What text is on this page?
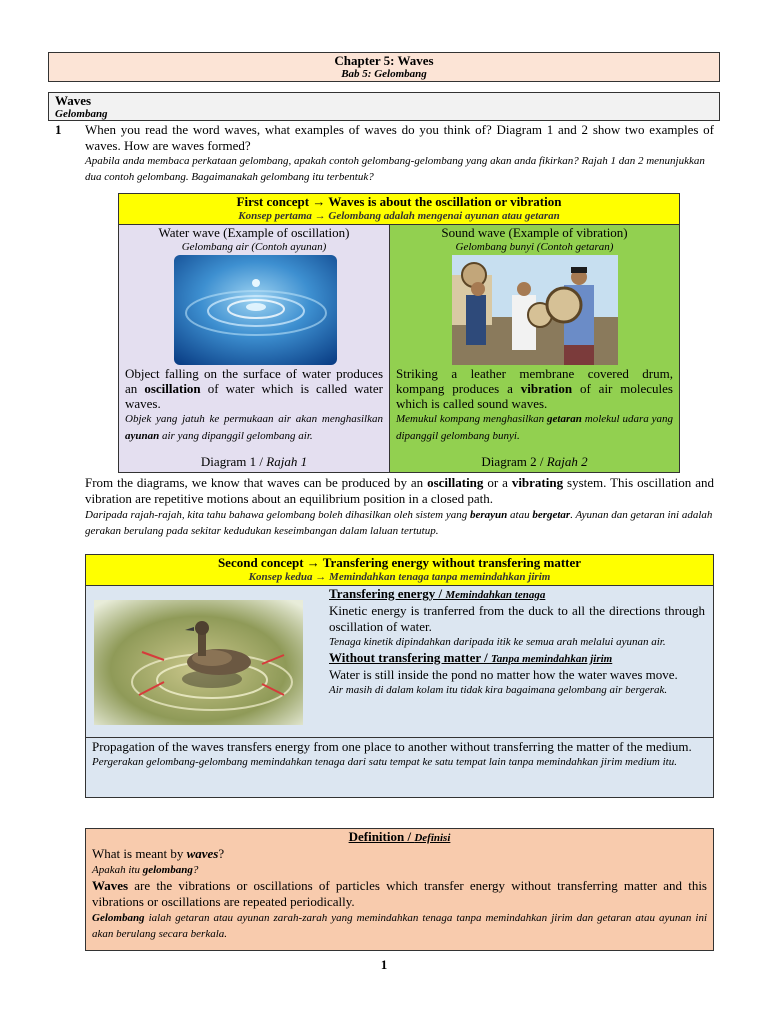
Chapter 5: Waves
Bab 5: Gelombang
Waves
Gelombang
1 When you read the word waves, what examples of waves do you think of? Diagram 1 and 2 show two examples of waves. How are waves formed?
Apabila anda membaca perkataan gelombang, apakah contoh gelombang-gelombang yang akan anda fikirkan? Rajah 1 dan 2 menunjukkan dua contoh gelombang. Bagaimanakah gelombang itu terbentuk?
First concept → Waves is about the oscillation or vibration
Konsep pertama → Gelombang adalah mengenai ayunan atau getaran
Water wave (Example of oscillation)
Gelombang air (Contoh ayunan)
Object falling on the surface of water produces an oscillation of water which is called water waves.
Objek yang jatuh ke permukaan air akan menghasilkan ayunan air yang dipanggil gelombang air.
Diagram 1 / Rajah 1
Sound wave (Example of vibration)
Gelombang bunyi (Contoh getaran)
Striking a leather membrane covered drum, kompang produces a vibration of air molecules which is called sound waves.
Memukul kompang menghasilkan getaran molekul udara yang dipanggil gelombang bunyi.
Diagram 2 / Rajah 2
From the diagrams, we know that waves can be produced by an oscillating or a vibrating system. This oscillation and vibration are repetitive motions about an equilibrium position in a closed path.
Daripada rajah-rajah, kita tahu bahawa gelombang boleh dihasilkan oleh sistem yang berayun atau bergetar. Ayunan dan getaran ini adalah gerakan berulang pada sekitar kedudukan keseimbangan dalam laluan tertutup.
Second concept → Transfering energy without transfering matter
Konsep kedua → Memindahkan tenaga tanpa memindahkan jirim
Transfering energy / Memindahkan tenaga
Kinetic energy is tranferred from the duck to all the directions through oscillation of water.
Tenaga kinetik dipindahkan daripada itik ke semua arah melalui ayunan air.
Without transfering matter / Tanpa memindahkan jirim
Water is still inside the pond no matter how the water waves move.
Air masih di dalam kolam itu tidak kira bagaimana gelombang air bergerak.
Propagation of the waves transfers energy from one place to another without transferring the matter of the medium.
Pergerakan gelombang-gelombang memindahkan tenaga dari satu tempat ke satu tempat lain tanpa memindahkan jirim medium itu.
Definition / Definisi
What is meant by waves?
Apakah itu gelombang?
Waves are the vibrations or oscillations of particles which transfer energy without transferring matter and this vibrations or oscillations are repeated periodically.
Gelombang ialah getaran atau ayunan zarah-zarah yang memindahkan tenaga tanpa memindahkan jirim dan getaran atau ayunan ini akan berulang secara berkala.
1
